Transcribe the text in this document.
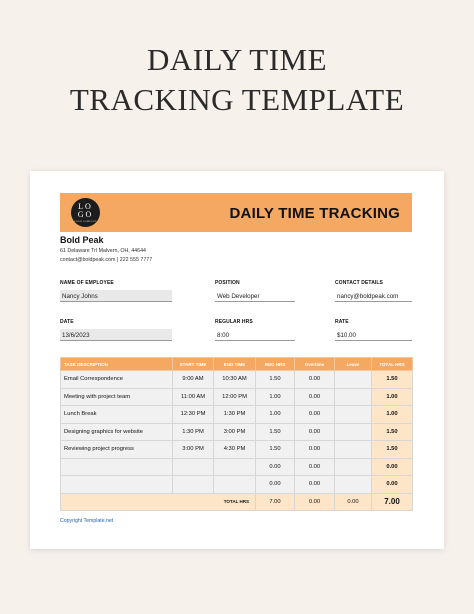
DAILY TIME
TRACKING TEMPLATE
LO
GO
LOGO COMPANY	DAILY TIME TRACKING
Bold Peak
61 Delaware Trl Malvern, OH, 44644
contact@boldpeak.com | 222 555 7777
NAME OF EMPLOYEE
Nancy Johns
POSITION
Web Developer
CONTACT DETAILS
nancy@boldpeak.com
DATE
13/6/2023
REGULAR HRS
8:00
RATE
$10.00
TASK DESCRIPTION	START TIME	END TIME	REG HRS	Overtime	Leave	TOTAL HRS
Email Correspondence	9:00 AM	10:30 AM	1.50	0.00		1.50
Meeting with project team	11:00 AM	12:00 PM	1.00	0.00		1.00
Lunch Break	12:30 PM	1:30 PM	1.00	0.00		1.00
Designing graphics for website	1:30 PM	3:00 PM	1.50	0.00		1.50
Reviewing project progress	3:00 PM	4:30 PM	1.50	0.00		1.50
			0.00	0.00		0.00
			0.00	0.00		0.00
TOTAL HRS			7.00	0.00	0.00	7.00
Copyright Template.net
